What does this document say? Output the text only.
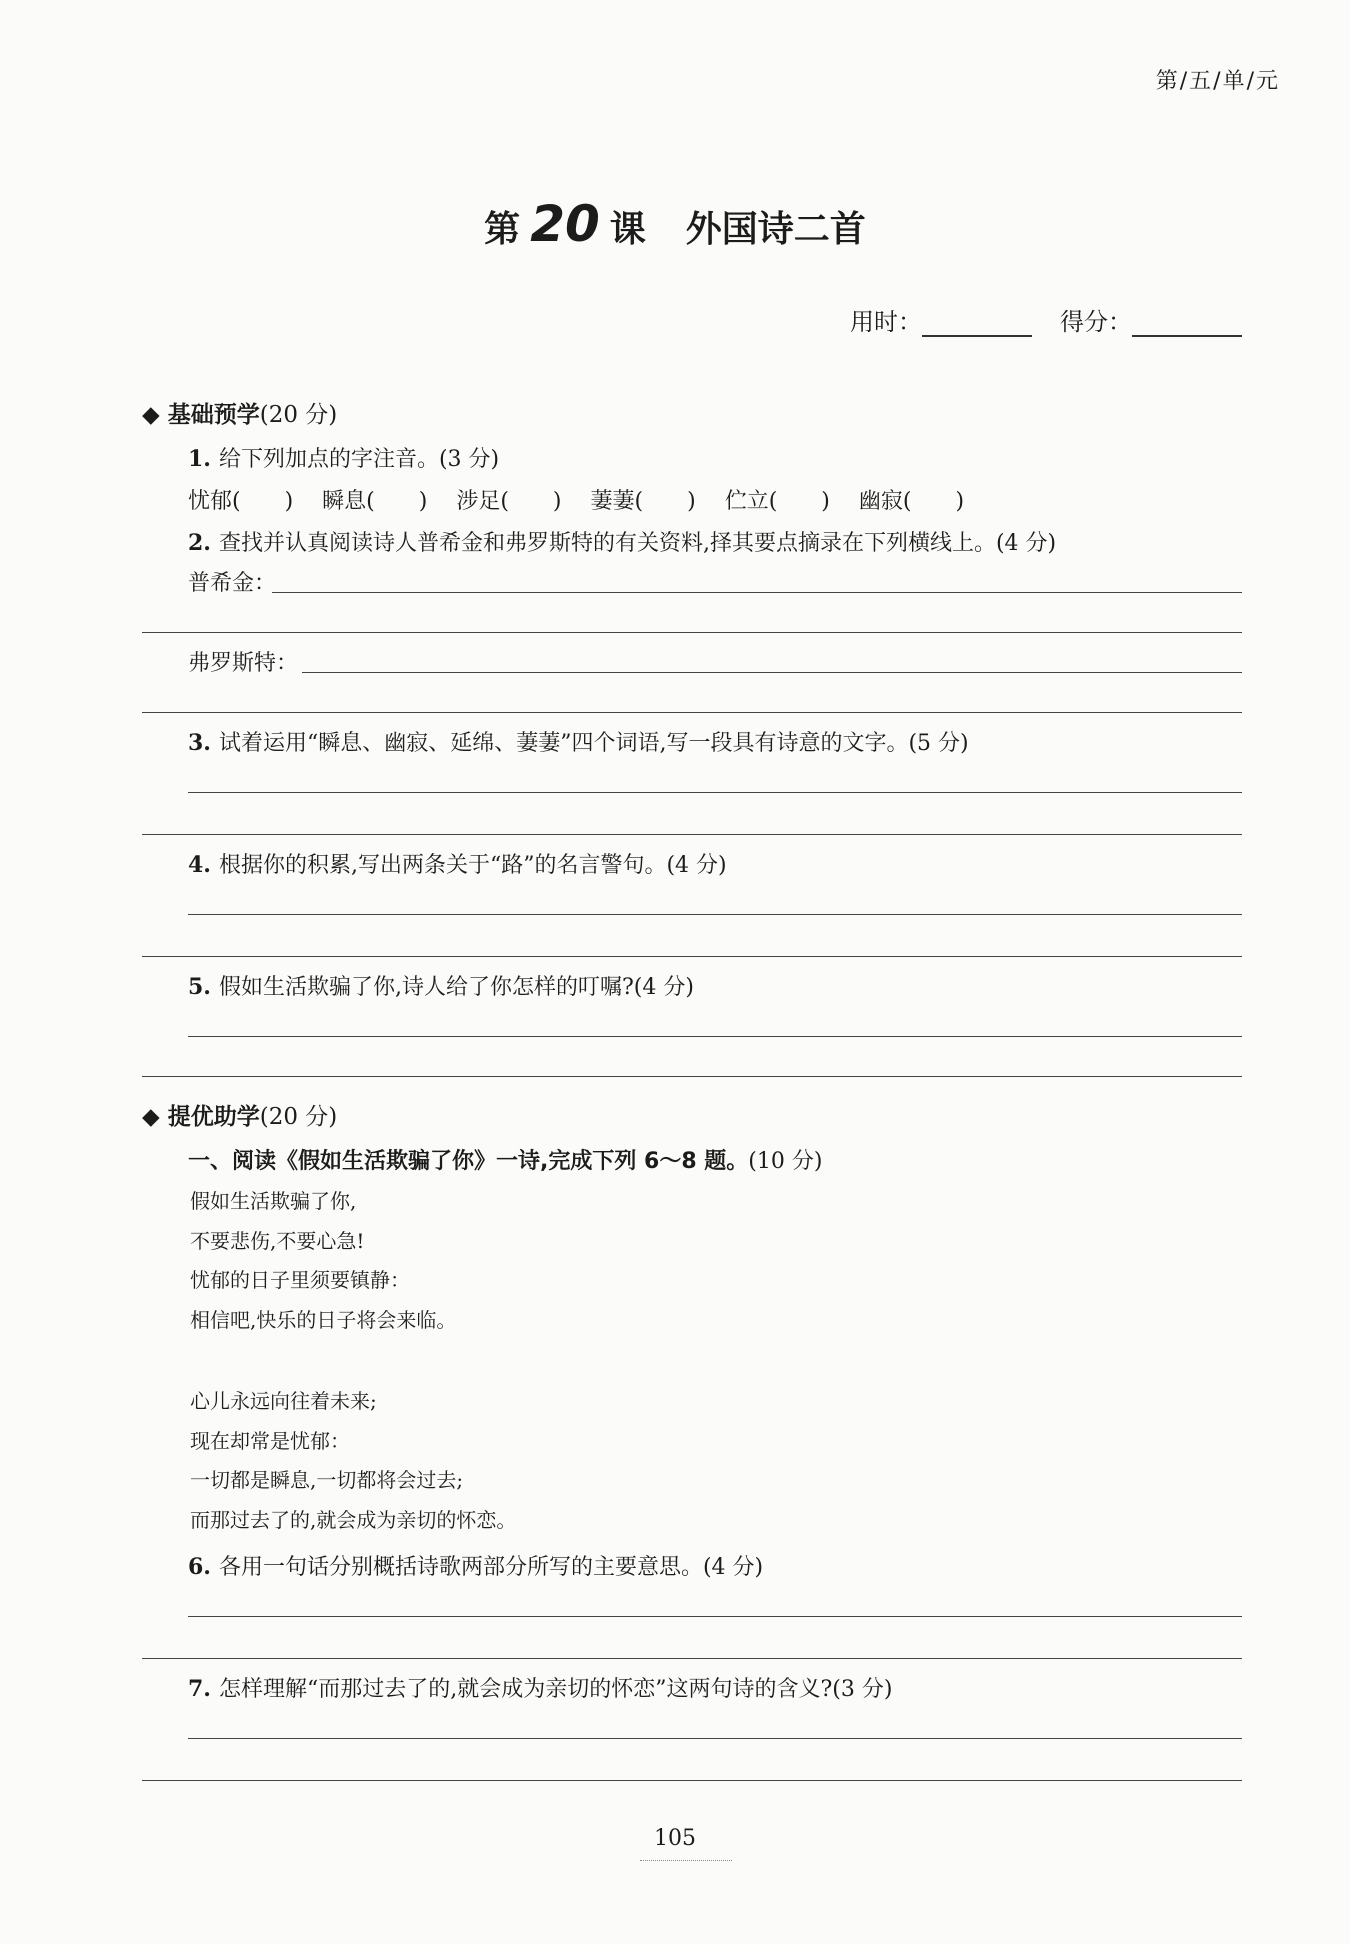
第/五/单/元
第 20 课 外国诗二首
用时：	得分：
◆ 基础预学(20 分)
1. 给下列加点的字注音。(3 分)
忧郁(　　) 瞬息(　　) 涉足(　　) 萋萋(　　) 伫立(　　) 幽寂(　　)
2. 查找并认真阅读诗人普希金和弗罗斯特的有关资料,择其要点摘录在下列横线上。(4 分)
普希金：
弗罗斯特：
3. 试着运用“瞬息、幽寂、延绵、萋萋”四个词语,写一段具有诗意的文字。(5 分)
4. 根据你的积累,写出两条关于“路”的名言警句。(4 分)
5. 假如生活欺骗了你,诗人给了你怎样的叮嘱?(4 分)
◆ 提优助学(20 分)
一、阅读《假如生活欺骗了你》一诗,完成下列 6～8 题。(10 分)
假如生活欺骗了你,
不要悲伤,不要心急!
忧郁的日子里须要镇静：
相信吧,快乐的日子将会来临。
心儿永远向往着未来;
现在却常是忧郁：
一切都是瞬息,一切都将会过去;
而那过去了的,就会成为亲切的怀恋。
6. 各用一句话分别概括诗歌两部分所写的主要意思。(4 分)
7. 怎样理解“而那过去了的,就会成为亲切的怀恋”这两句诗的含义?(3 分)
105
